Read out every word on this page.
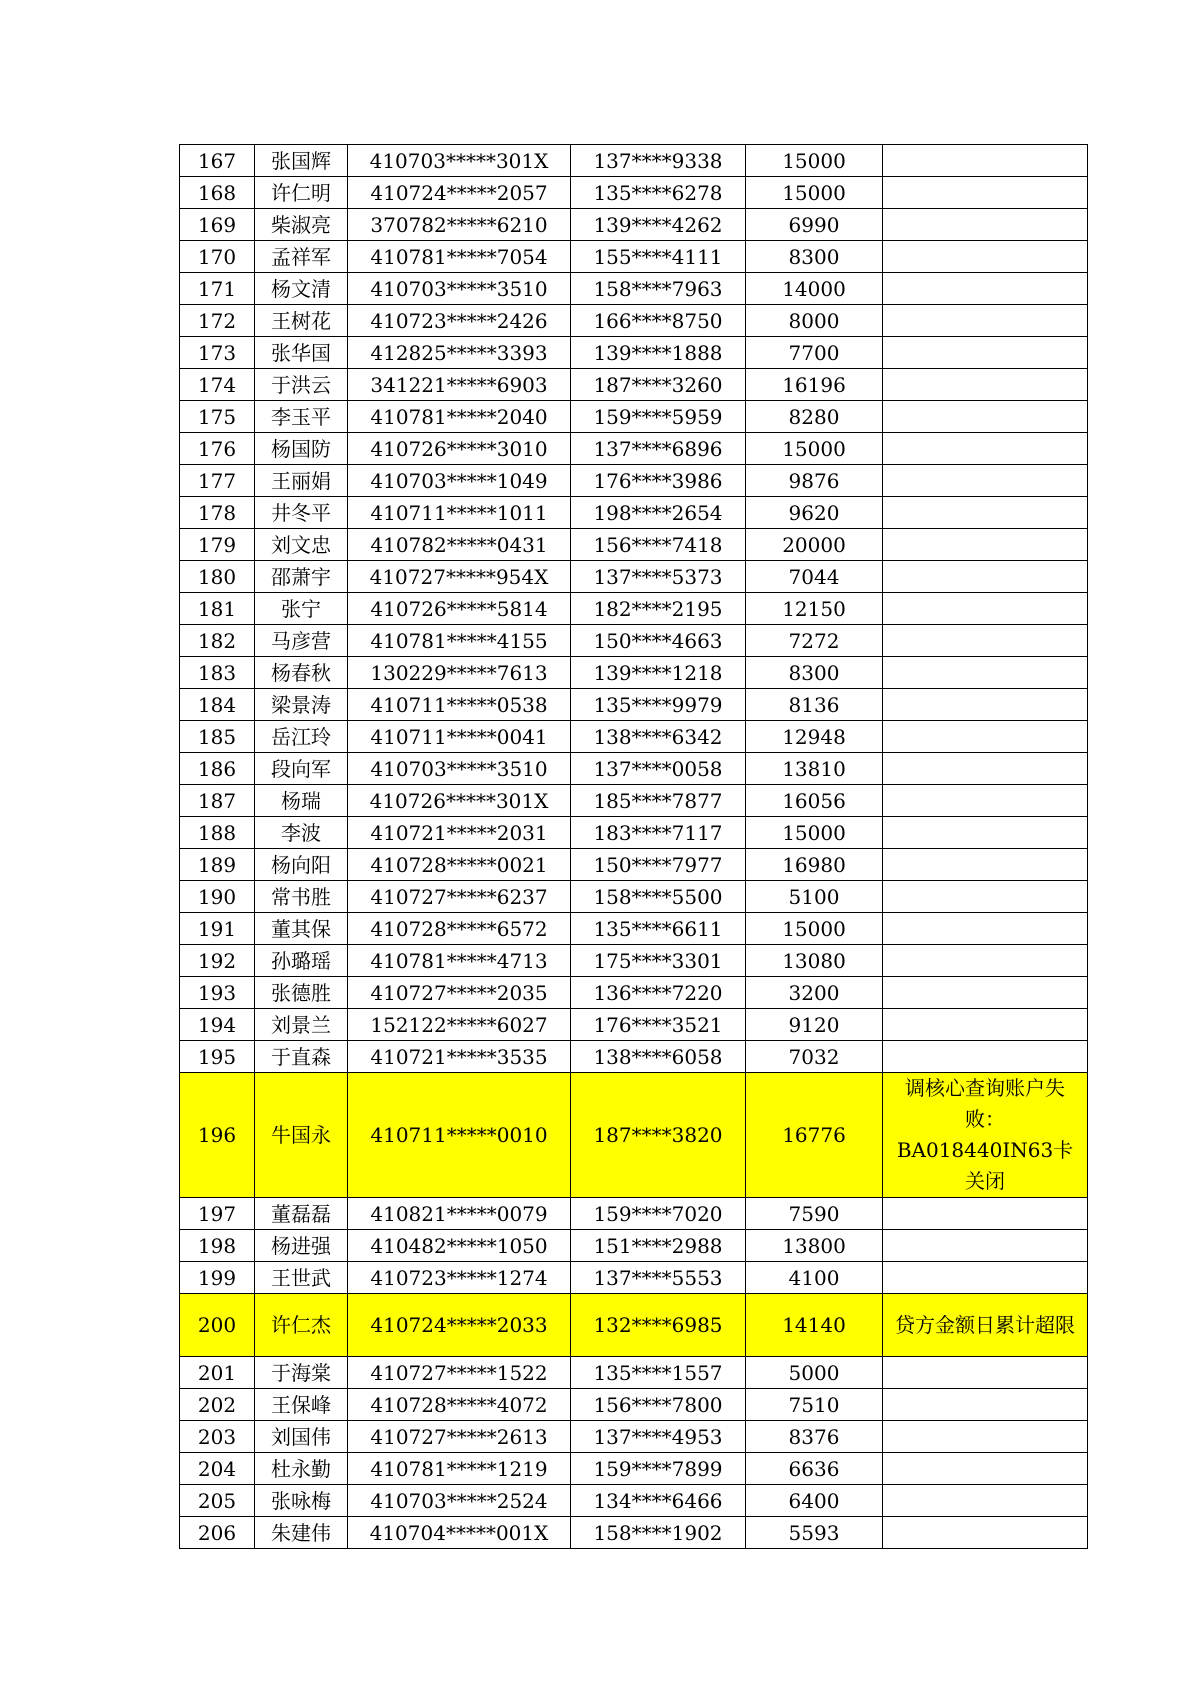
167	张国辉	410703*****301X	137****9338	15000	
168	许仁明	410724*****2057	135****6278	15000	
169	柴淑亮	370782*****6210	139****4262	6990	
170	孟祥军	410781*****7054	155****4111	8300	
171	杨文清	410703*****3510	158****7963	14000	
172	王树花	410723*****2426	166****8750	8000	
173	张华国	412825*****3393	139****1888	7700	
174	于洪云	341221*****6903	187****3260	16196	
175	李玉平	410781*****2040	159****5959	8280	
176	杨国防	410726*****3010	137****6896	15000	
177	王丽娟	410703*****1049	176****3986	9876	
178	井冬平	410711*****1011	198****2654	9620	
179	刘文忠	410782*****0431	156****7418	20000	
180	邵萧宇	410727*****954X	137****5373	7044	
181	张宁	410726*****5814	182****2195	12150	
182	马彦营	410781*****4155	150****4663	7272	
183	杨春秋	130229*****7613	139****1218	8300	
184	梁景涛	410711*****0538	135****9979	8136	
185	岳江玲	410711*****0041	138****6342	12948	
186	段向军	410703*****3510	137****0058	13810	
187	杨瑞	410726*****301X	185****7877	16056	
188	李波	410721*****2031	183****7117	15000	
189	杨向阳	410728*****0021	150****7977	16980	
190	常书胜	410727*****6237	158****5500	5100	
191	董其保	410728*****6572	135****6611	15000	
192	孙璐瑶	410781*****4713	175****3301	13080	
193	张德胜	410727*****2035	136****7220	3200	
194	刘景兰	152122*****6027	176****3521	9120	
195	于直森	410721*****3535	138****6058	7032	
196	牛国永	410711*****0010	187****3820	16776	调核心查询账户失败：BA018440IN63卡关闭
197	董磊磊	410821*****0079	159****7020	7590	
198	杨进强	410482*****1050	151****2988	13800	
199	王世武	410723*****1274	137****5553	4100	
200	许仁杰	410724*****2033	132****6985	14140	贷方金额日累计超限
201	于海棠	410727*****1522	135****1557	5000	
202	王保峰	410728*****4072	156****7800	7510	
203	刘国伟	410727*****2613	137****4953	8376	
204	杜永勤	410781*****1219	159****7899	6636	
205	张咏梅	410703*****2524	134****6466	6400	
206	朱建伟	410704*****001X	158****1902	5593	
